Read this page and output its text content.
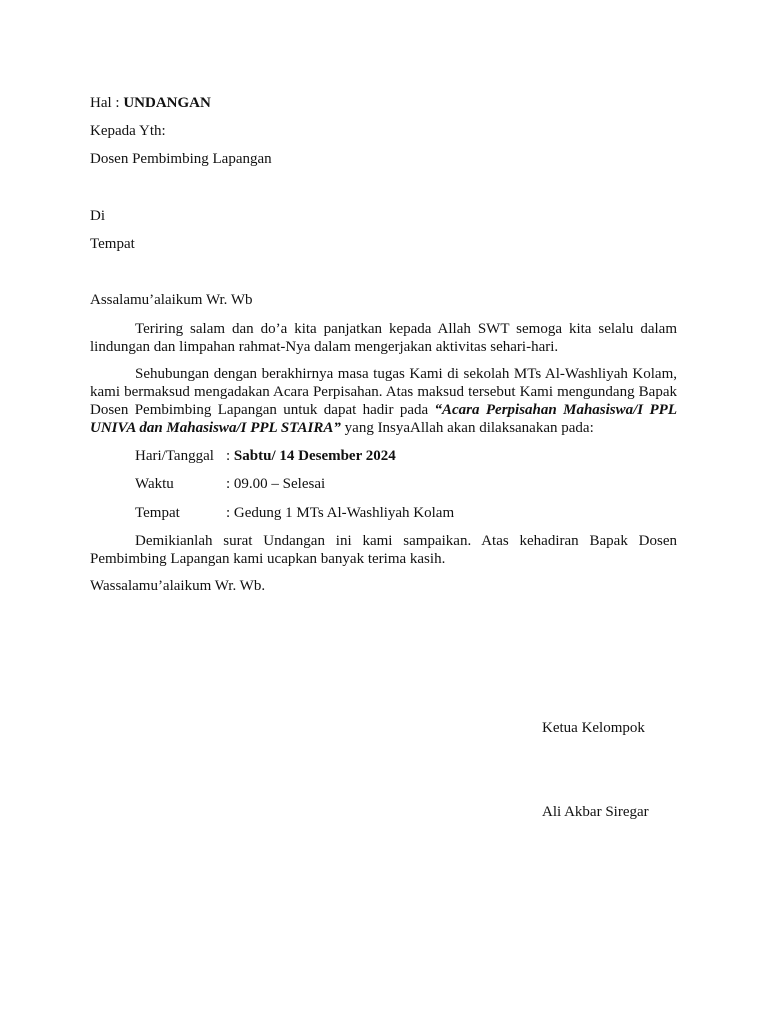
Hal : UNDANGAN
Kepada Yth:
Dosen Pembimbing Lapangan
Di
Tempat
Assalamu’alaikum Wr. Wb
Teriring salam dan do’a kita panjatkan kepada Allah SWT semoga kita selalu dalam lindungan dan limpahan rahmat-Nya dalam mengerjakan aktivitas sehari-hari.
Sehubungan dengan berakhirnya masa tugas Kami di sekolah MTs Al-Washliyah Kolam, kami bermaksud mengadakan Acara Perpisahan. Atas maksud tersebut Kami mengundang Bapak Dosen Pembimbing Lapangan untuk dapat hadir pada “Acara Perpisahan Mahasiswa/I PPL UNIVA dan Mahasiswa/I PPL STAIRA” yang InsyaAllah akan dilaksanakan pada:
Hari/Tanggal : Sabtu/ 14 Desember 2024
Waktu	: 09.00 – Selesai
Tempat	: Gedung 1 MTs Al-Washliyah Kolam
Demikianlah surat Undangan ini kami sampaikan. Atas kehadiran Bapak Dosen Pembimbing Lapangan kami ucapkan banyak terima kasih.
Wassalamu’alaikum Wr. Wb.
Ketua Kelompok
Ali Akbar Siregar
